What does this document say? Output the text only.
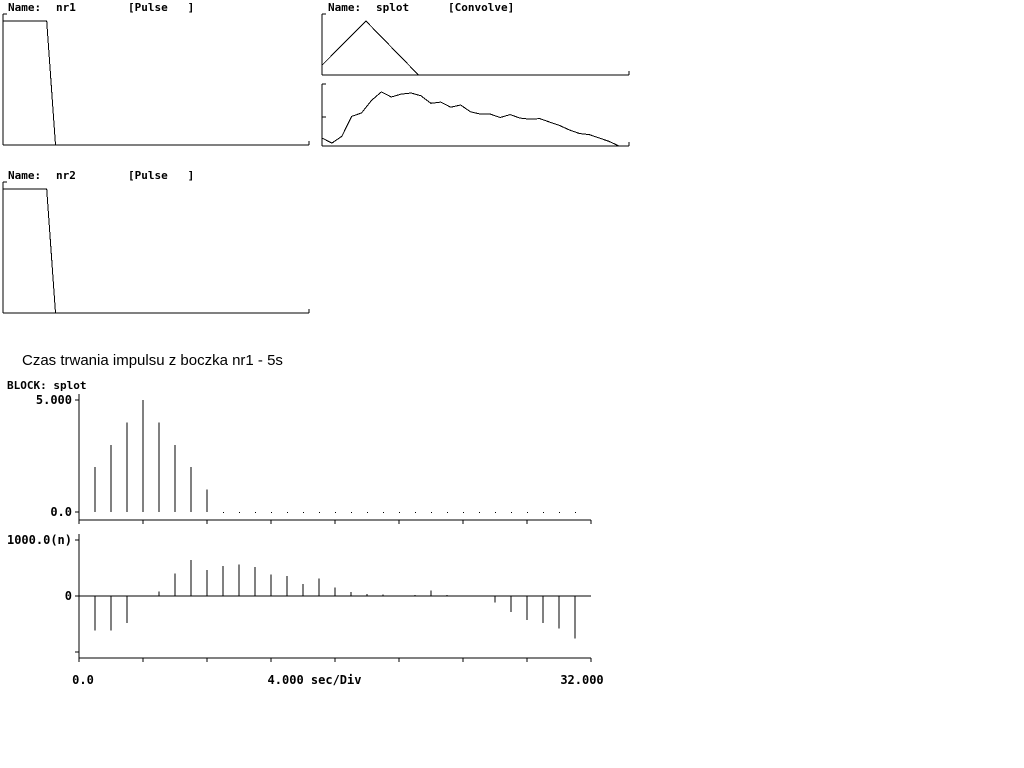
Name: nr1	[Pulse   ]	Name: splot	[Convolve]
Name: nr2	[Pulse   ]
Czas trwania impulsu z boczka nr1 - 5s
BLOCK: splot
5.000
0.0
1000.0(n)
0
0.0	4.000 sec/Div	32.000
